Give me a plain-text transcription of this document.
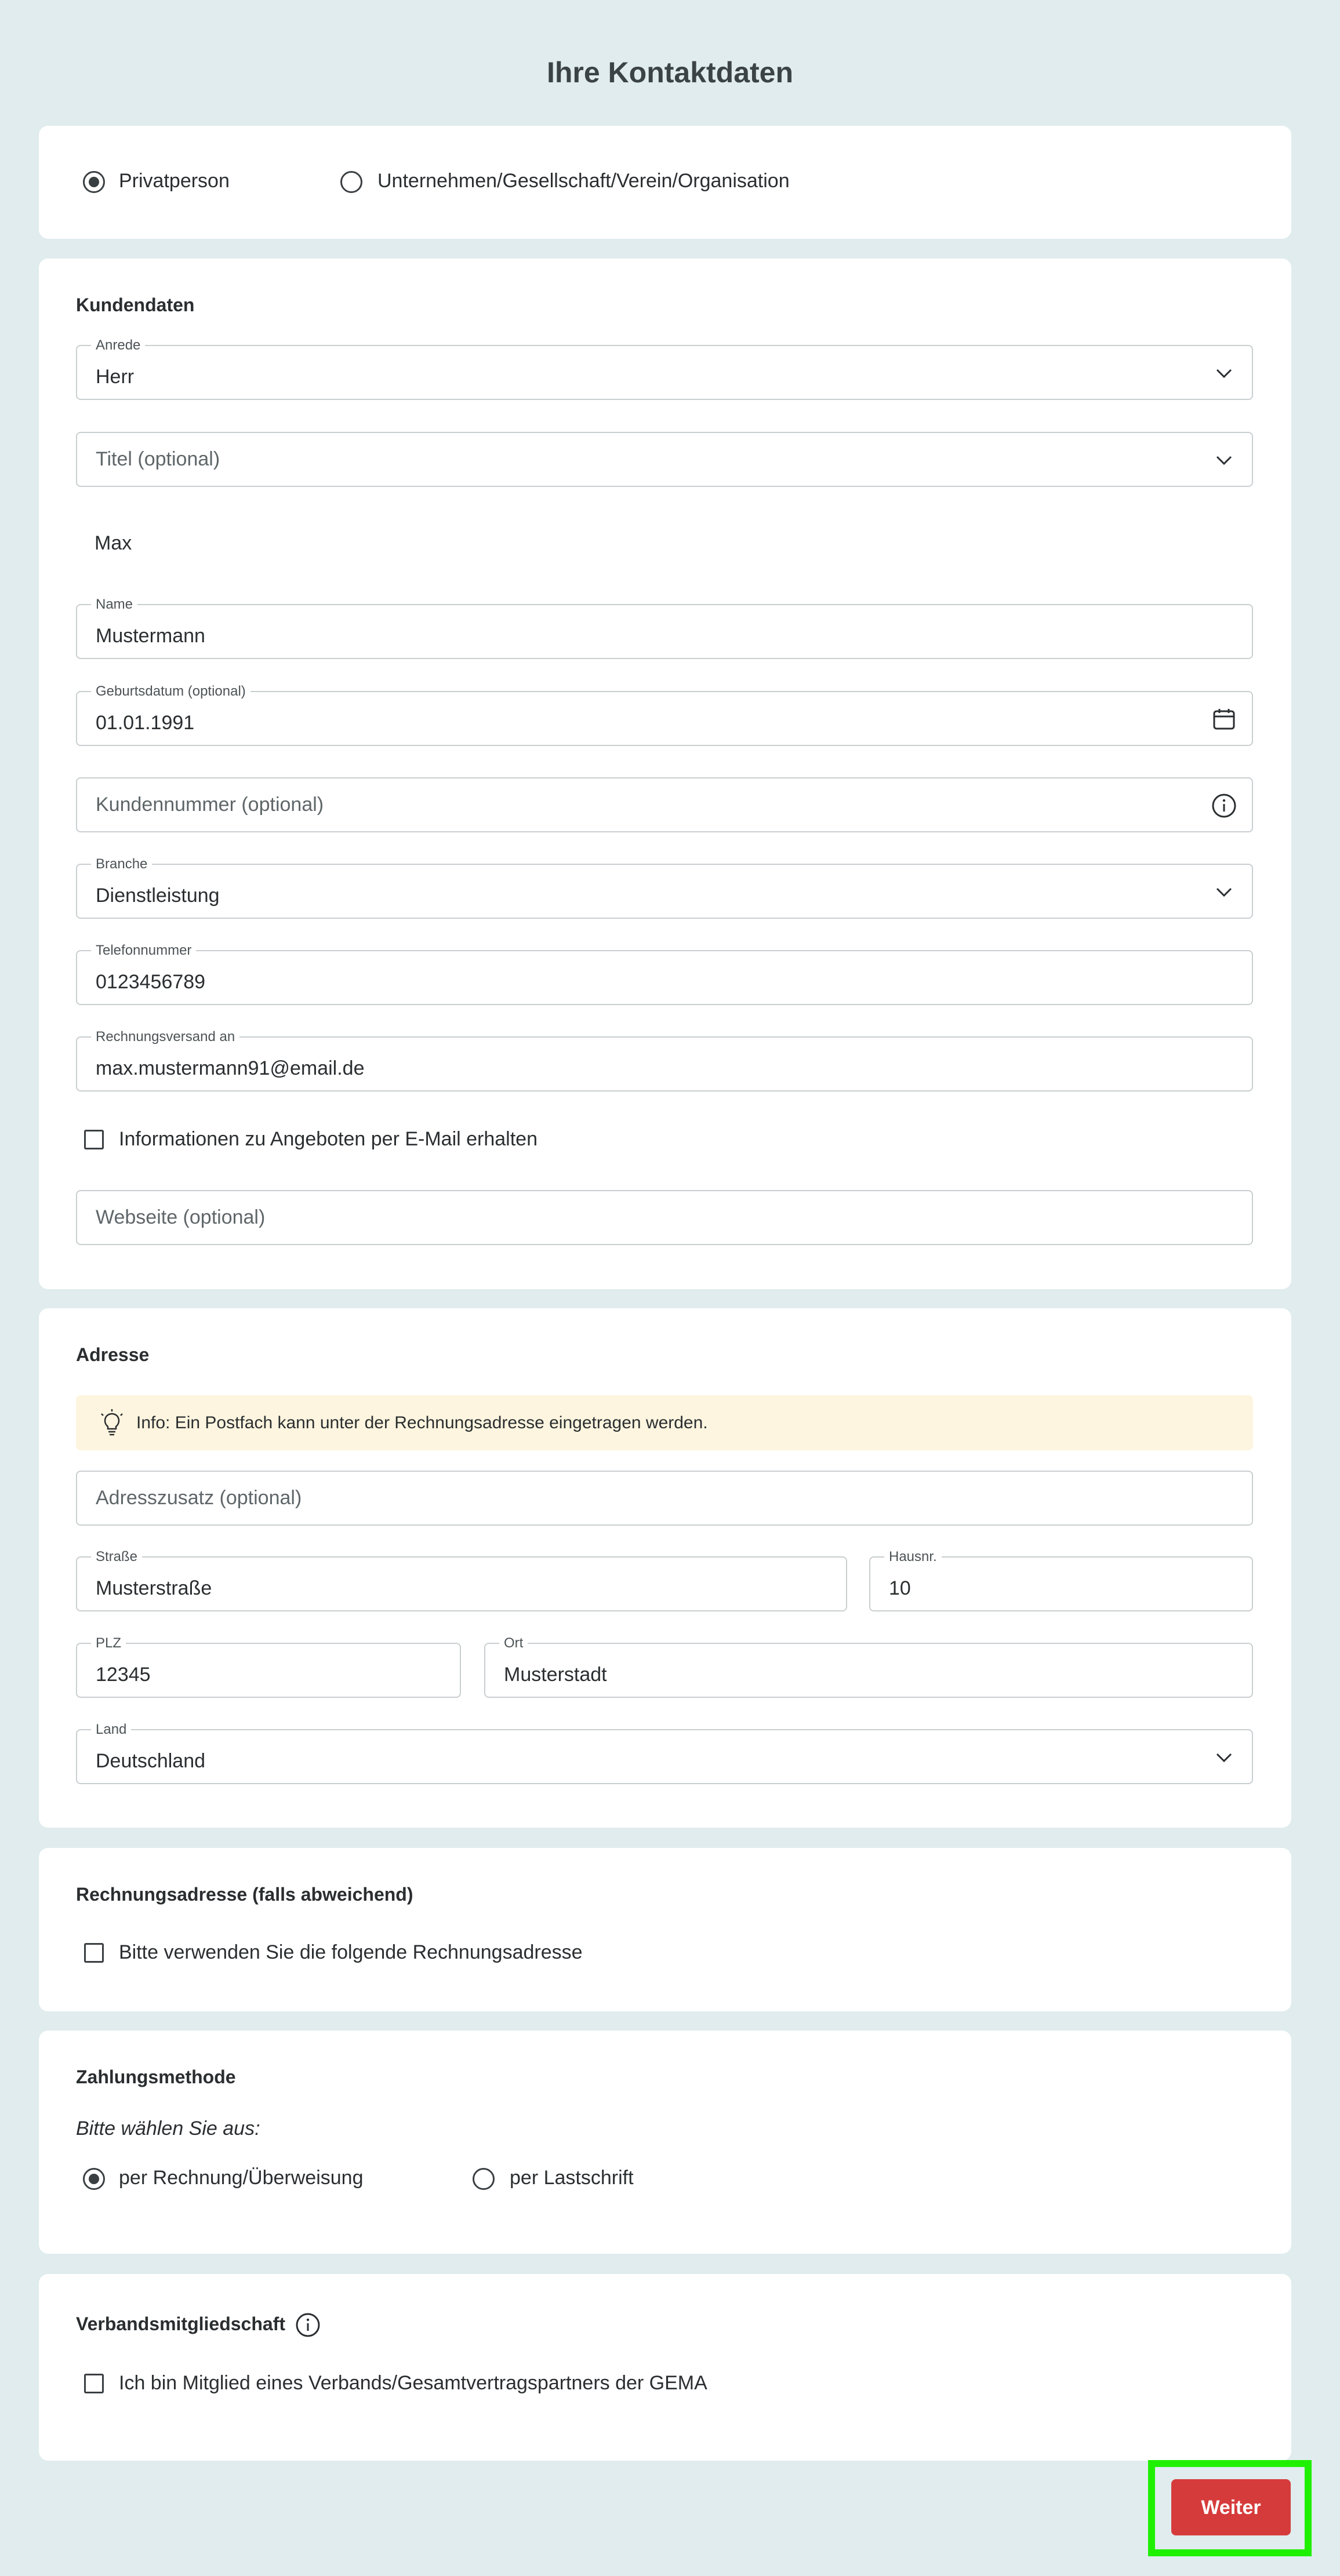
Ihre Kontaktdaten
Privatperson	Unternehmen/Gesellschaft/Verein/Organisation
Kundendaten
Anrede
Herr
Titel (optional)
Max
Name
Mustermann
Geburtsdatum (optional)
01.01.1991
Kundennummer (optional)
Branche
Dienstleistung
Telefonnummer
0123456789
Rechnungsversand an
max.mustermann91@email.de
Informationen zu Angeboten per E-Mail erhalten
Webseite (optional)
Adresse
Info: Ein Postfach kann unter der Rechnungsadresse eingetragen werden.
Adresszusatz (optional)
Straße
Musterstraße
Hausnr.
10
PLZ
12345
Ort
Musterstadt
Land
Deutschland
Rechnungsadresse (falls abweichend)
Bitte verwenden Sie die folgende Rechnungsadresse
Zahlungsmethode
Bitte wählen Sie aus:
per Rechnung/Überweisung	per Lastschrift
Verbandsmitgliedschaft
Ich bin Mitglied eines Verbands/Gesamtvertragspartners der GEMA
Weiter
